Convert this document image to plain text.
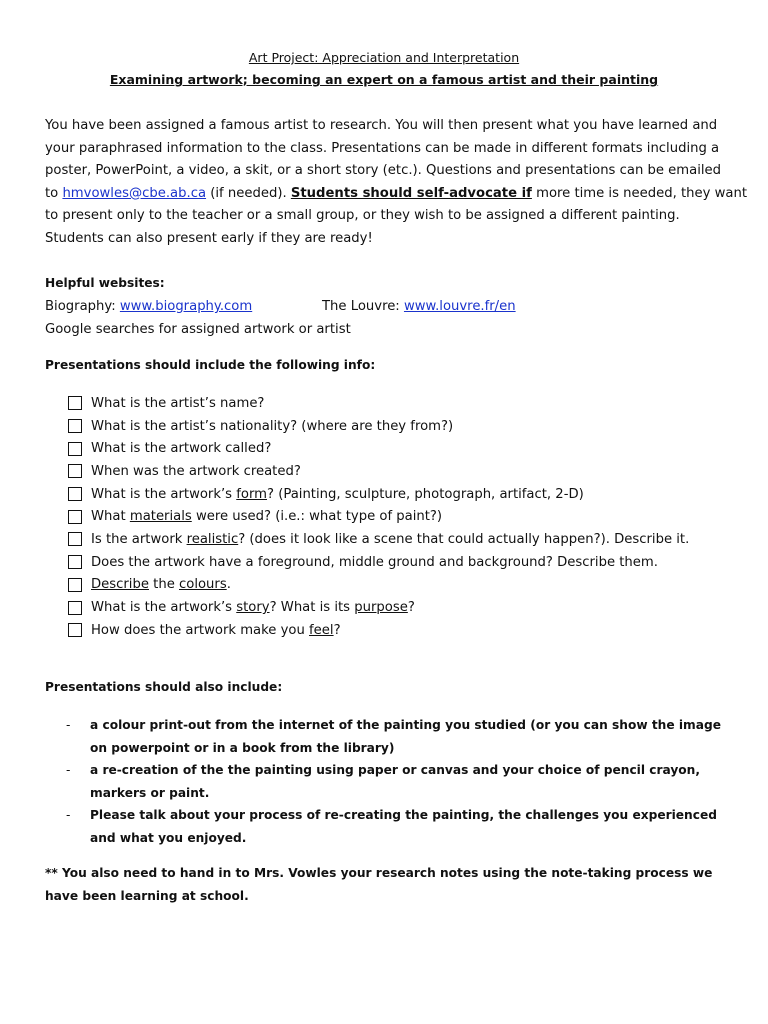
Art Project: Appreciation and Interpretation
Examining artwork; becoming an expert on a famous artist and their painting
You have been assigned a famous artist to research. You will then present what you have learned and
your paraphrased information to the class. Presentations can be made in different formats including a
poster, PowerPoint, a video, a skit, or a short story (etc.). Questions and presentations can be emailed
to hmvowles@cbe.ab.ca (if needed). Students should self-advocate if more time is needed, they want
to present only to the teacher or a small group, or they wish to be assigned a different painting.
Students can also present early if they are ready!
Helpful websites:
Biography: www.biography.com	The Louvre: www.louvre.fr/en
Google searches for assigned artwork or artist
Presentations should include the following info:
What is the artist’s name?
What is the artist’s nationality? (where are they from?)
What is the artwork called?
When was the artwork created?
What is the artwork’s form? (Painting, sculpture, photograph, artifact, 2-D)
What materials were used? (i.e.: what type of paint?)
Is the artwork realistic? (does it look like a scene that could actually happen?). Describe it.
Does the artwork have a foreground, middle ground and background? Describe them.
Describe the colours.
What is the artwork’s story? What is its purpose?
How does the artwork make you feel?
Presentations should also include:
- a colour print-out from the internet of the painting you studied (or you can show the image
on powerpoint or in a book from the library)
- a re-creation of the the painting using paper or canvas and your choice of pencil crayon,
markers or paint.
- Please talk about your process of re-creating the painting, the challenges you experienced
and what you enjoyed.
** You also need to hand in to Mrs. Vowles your research notes using the note-taking process we
have been learning at school.
